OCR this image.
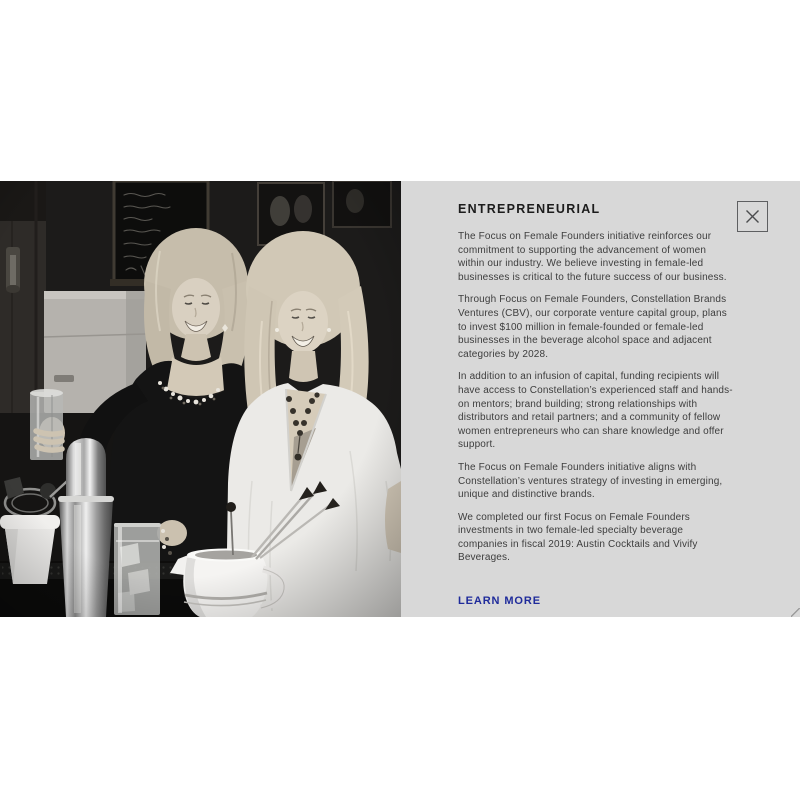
ENTREPRENEURIAL

The Focus on Female Founders initiative reinforces our commitment to supporting the advancement of women within our industry. We believe investing in female-led businesses is critical to the future success of our business.

Through Focus on Female Founders, Constellation Brands Ventures (CBV), our corporate venture capital group, plans to invest $100 million in female-founded or female-led businesses in the beverage alcohol space and adjacent categories by 2028.

In addition to an infusion of capital, funding recipients will have access to Constellation’s experienced staff and hands-on mentors; brand building; strong relationships with distributors and retail partners; and a community of fellow women entrepreneurs who can share knowledge and offer support.

The Focus on Female Founders initiative aligns with Constellation’s ventures strategy of investing in emerging, unique and distinctive brands.

We completed our first Focus on Female Founders investments in two female-led specialty beverage companies in fiscal 2019: Austin Cocktails and Vivify Beverages.

LEARN MORE
